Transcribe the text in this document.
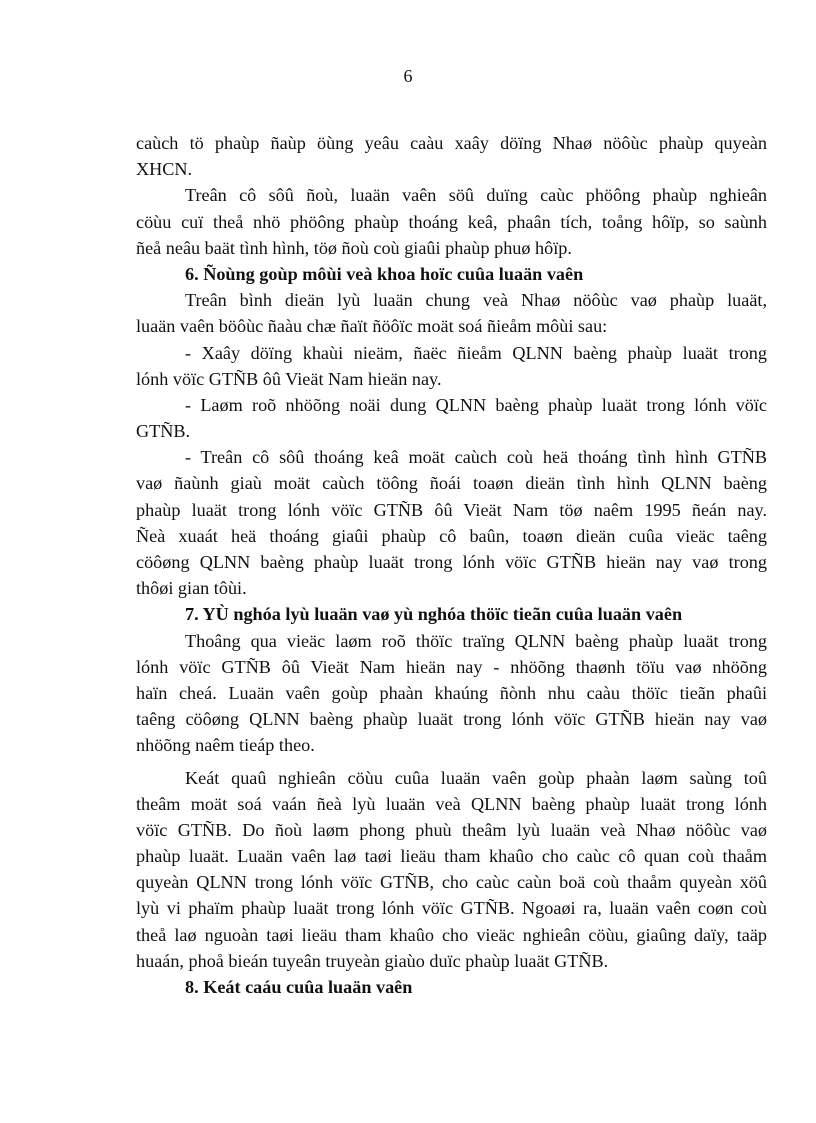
6
caùch tö phaùp ñaùp öùng yeâu caàu xaây döïng Nhaø nöôùc phaùp quyeàn
XHCN.
Treân cô sôû ñoù, luaän vaên söû duïng caùc phöông phaùp nghieân
cöùu cuï theå nhö phöông phaùp thoáng keâ, phaân tích, toång hôïp, so saùnh
ñeå neâu baät tình hình, töø ñoù coù giaûi phaùp phuø hôïp.
6. Ñoùng goùp môùi veà khoa hoïc cuûa luaän vaên
Treân bình dieän lyù luaän chung veà Nhaø nöôùc vaø phaùp luaät,
luaän vaên böôùc ñaàu chæ ñaït ñöôïc moät soá ñieåm môùi sau:
- Xaây döïng khaùi nieäm, ñaëc ñieåm QLNN baèng phaùp luaät trong
lónh vöïc GTÑB ôû Vieät Nam hieän nay.
- Laøm roõ nhöõng noäi dung QLNN baèng phaùp luaät trong lónh vöïc
GTÑB.
- Treân cô sôû thoáng keâ moät caùch coù heä thoáng tình hình GTÑB
vaø ñaùnh giaù moät caùch töông ñoái toaøn dieän tình hình QLNN baèng
phaùp luaät trong lónh vöïc GTÑB ôû Vieät Nam töø naêm 1995 ñeán nay.
Ñeà xuaát heä thoáng giaûi phaùp cô baûn, toaøn dieän cuûa vieäc taêng
cöôøng QLNN baèng phaùp luaät trong lónh vöïc GTÑB hieän nay vaø trong
thôøi gian tôùi.
7. YÙ nghóa lyù luaän vaø yù nghóa thöïc tieãn cuûa luaän vaên
Thoâng qua vieäc laøm roõ thöïc traïng QLNN baèng phaùp luaät trong
lónh vöïc GTÑB ôû Vieät Nam hieän nay - nhöõng thaønh töïu vaø nhöõng
haïn cheá. Luaän vaên goùp phaàn khaúng ñònh nhu caàu thöïc tieãn phaûi
taêng cöôøng QLNN baèng phaùp luaät trong lónh vöïc GTÑB hieän nay vaø
nhöõng naêm tieáp theo.
Keát quaû nghieân cöùu cuûa luaän vaên goùp phaàn laøm saùng toû
theâm moät soá vaán ñeà lyù luaän veà QLNN baèng phaùp luaät trong lónh
vöïc GTÑB. Do ñoù laøm phong phuù theâm lyù luaän veà Nhaø nöôùc vaø
phaùp luaät. Luaän vaên laø taøi lieäu tham khaûo cho caùc cô quan coù thaåm
quyeàn QLNN trong lónh vöïc GTÑB, cho caùc caùn boä coù thaåm quyeàn xöû
lyù vi phaïm phaùp luaät trong lónh vöïc GTÑB. Ngoaøi ra, luaän vaên coøn coù
theå laø nguoàn taøi lieäu tham khaûo cho vieäc nghieân cöùu, giaûng daïy, taäp
huaán, phoå bieán tuyeân truyeàn giaùo duïc phaùp luaät GTÑB.
8. Keát caáu cuûa luaän vaên
